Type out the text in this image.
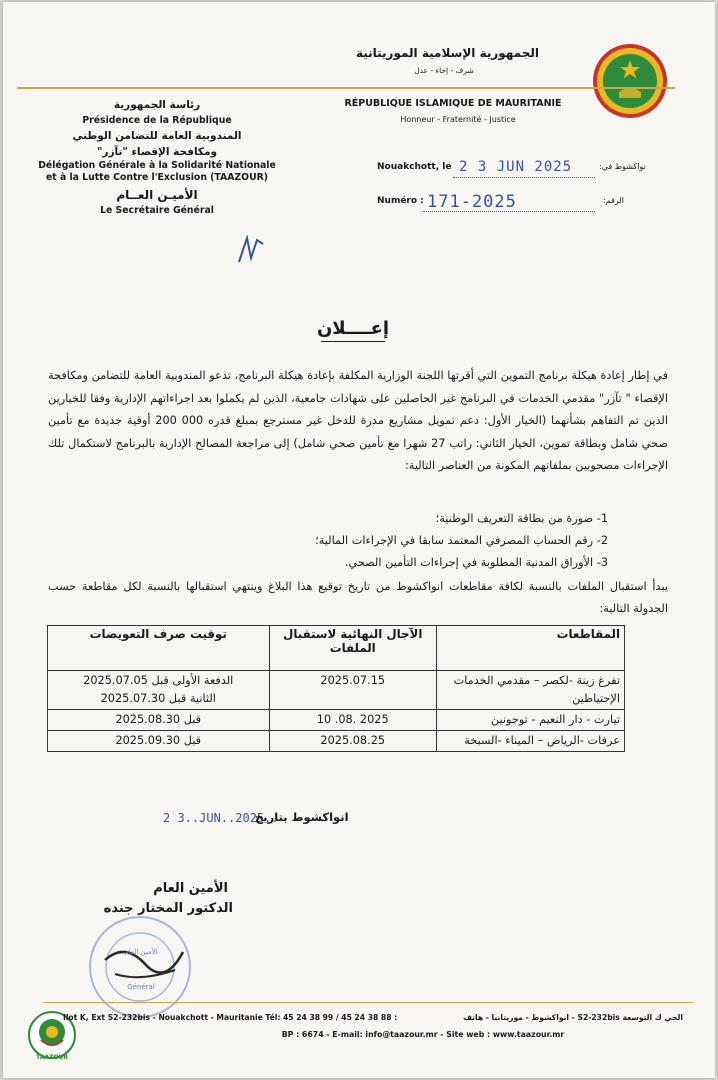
الجمهورية الإسلامية الموريتانية
شرف - إخاء - عدل
RÉPUBLIQUE ISLAMIQUE DE MAURITANIE
Honneur - Fraternité - Justice
رئاسة الجمهورية
Présidence de la République
المندوبية العامة للتضامن الوطني
ومكافحة الإقصاء "تآزر"
Délégation Générale à la Solidarité Nationale
et à la Lutte Contre l'Exclusion (TAAZOUR)
الأميـن العــام
Le Secrétaire Général
Nouakchott, le 2 3 JUN 2025	نواكشوط في:
Numéro : 171-2025	الرقم:
إعــــلان
في إطار إعادة هيكلة برنامج التموين التي أقرتها اللجنة الوزارية المكلفة بإعادة هيكلة البرنامج، تدعو المندوبية العامة للتضامن ومكافحة الإقصاء " تآزر" مقدمي الخدمات في البرنامج غير الحاصلين على شهادات جامعية، الذين لم يكملوا بعد اجراءاتهم الإدارية وفقا للخيارين الذين تم التفاهم بشأنهما (الخيار الأول: دعم تمويل مشاريع مدرة للدخل غير مسترجع بمبلغ قدره 000 200 أوقية جديدة مع تأمين صحي شامل وبطاقة تموين، الخيار الثاني: راتب 27 شهرا مع تأمين صحي شامل) إلى مراجعة المصالح الإدارية بالبرنامج لاستكمال تلك الإجراءات مصحوبين بملفاتهم المكونة من العناصر التالية:
1- صورة من بطاقة التعريف الوطنية؛
2- رقم الحساب المصرفي المعتمد سابقا في الإجراءات المالية؛
3- الأوراق المدنية المطلوبة في إجراءات التأمين الصحي.
يبدأ استقبال الملفات بالنسبة لكافة مقاطعات انواكشوط من تاريخ توقيع هذا البلاغ وينتهي استقبالها بالنسبة لكل مقاطعة حسب الجدولة التالية:
المقاطعات	الآجال النهائية لاستقبال الملفات	توقيت صرف التعويضات
تفرغ زينة -لكصر – مقدمي الخدمات الإحتياطين	2025.07.15	الدفعة الأولى قبل 2025.07.05
الثانية قبل 2025.07.30
تيارت - دار النعيم - توجونين	2025 .08. 10	قبل 2025.08.30
عرفات -الرياض – الميناء -السبخة	2025.08.25	قبل 2025.09.30
2 3..JUN..2025..
انواكشوط بتاريخ
الأمين العام
الدكتور المختار جنده
الأمين العام
Général
TAAZOUR
Ilot K, Ext S2-232bis - Nouakchott - Mauritanie Tél: 45 24 38 99 / 45 24 38 88 :	الحي ك التوسعة S2-232bis - انواكشوط - موريتانيا - هاتف
BP : 6674 - E-mail: info@taazour.mr - Site web : www.taazour.mr
